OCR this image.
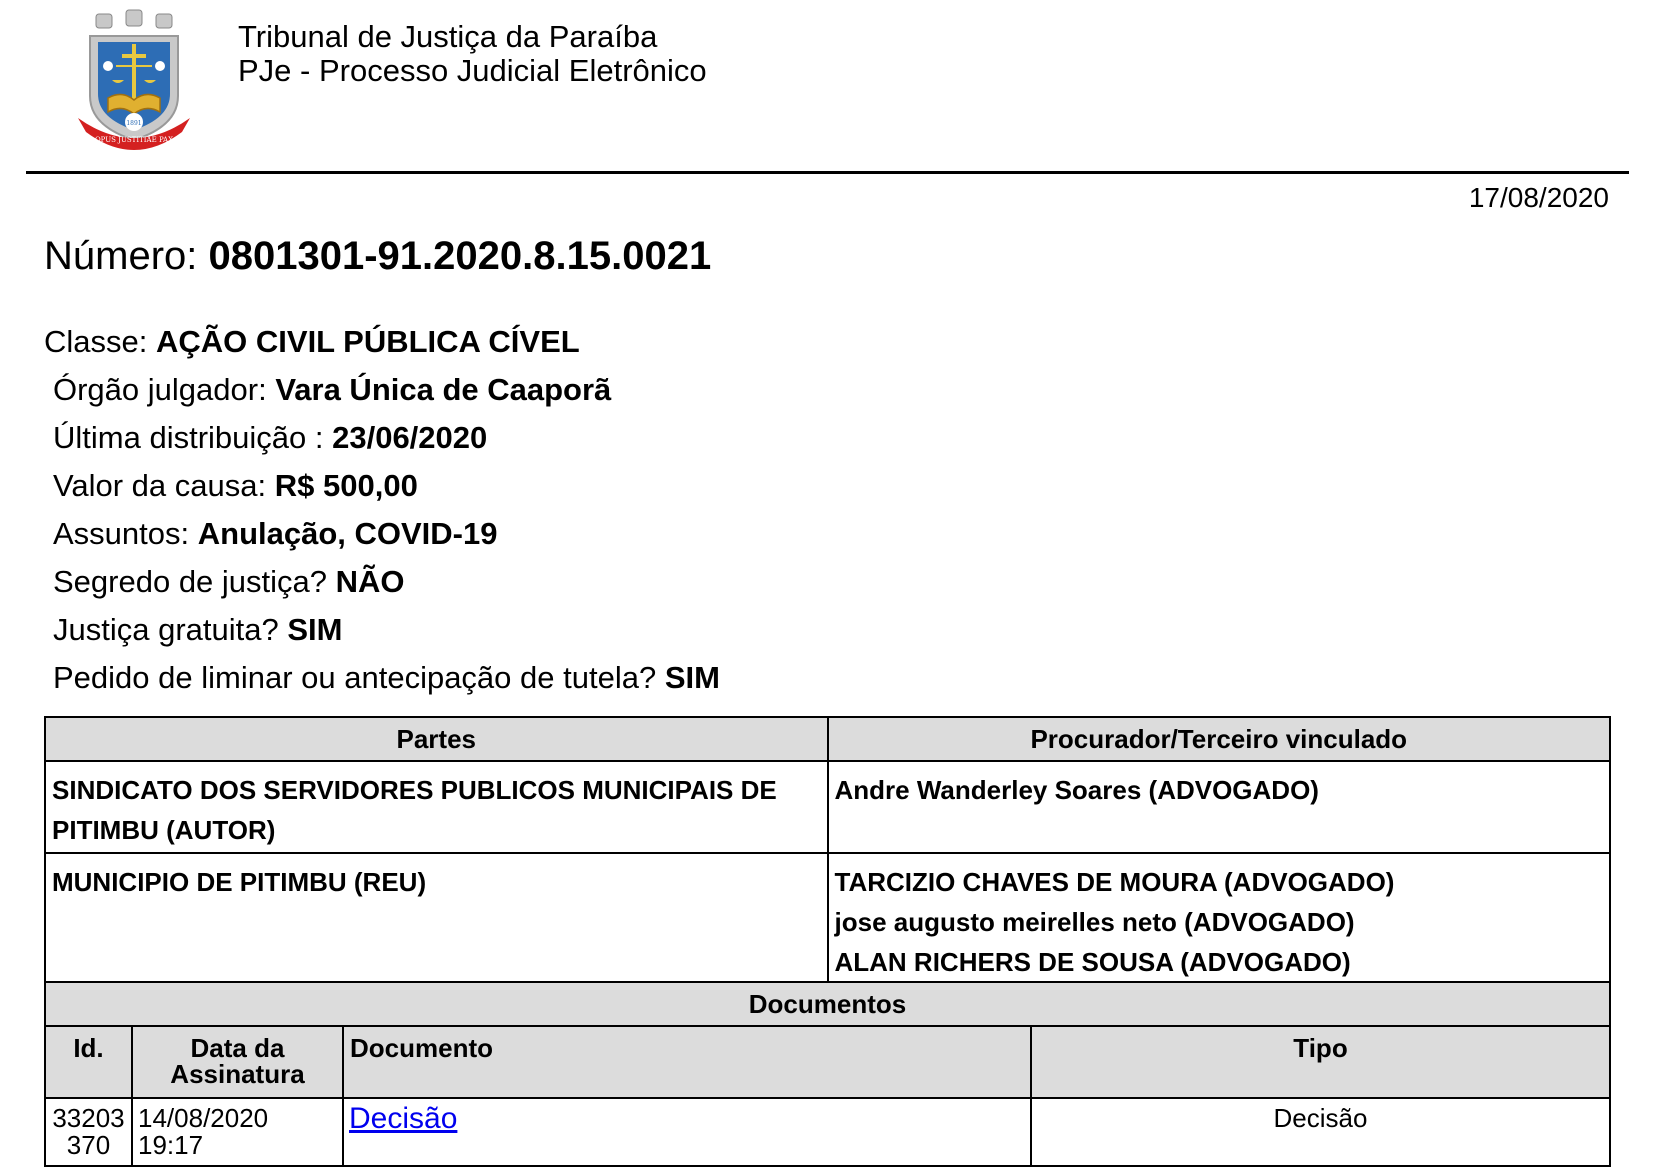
1891
OPUS JUSTITIAE PAX
Tribunal de Justiça da Paraíba
PJe - Processo Judicial Eletrônico
17/08/2020
Número: 0801301-91.2020.8.15.0021
Classe: AÇÃO CIVIL PÚBLICA CÍVEL
Órgão julgador: Vara Única de Caaporã
Última distribuição : 23/06/2020
Valor da causa: R$ 500,00
Assuntos: Anulação, COVID-19
Segredo de justiça? NÃO
Justiça gratuita? SIM
Pedido de liminar ou antecipação de tutela? SIM
Partes	Procurador/Terceiro vinculado
SINDICATO DOS SERVIDORES PUBLICOS MUNICIPAIS DE PITIMBU (AUTOR)	Andre Wanderley Soares (ADVOGADO)

MUNICIPIO DE PITIMBU (REU)	TARCIZIO CHAVES DE MOURA (ADVOGADO)
jose augusto meirelles neto (ADVOGADO)
ALAN RICHERS DE SOUSA (ADVOGADO)
Documentos			
Id.	Data da Assinatura	Documento	Tipo
33203 370	14/08/2020 19:17	Decisão	Decisão
